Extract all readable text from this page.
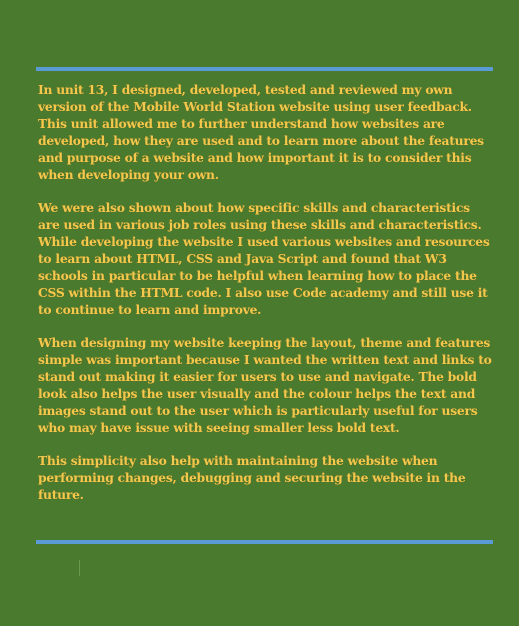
In unit 13, I designed, developed, tested and reviewed my own version of the Mobile World Station website using user feedback. This unit allowed me to further understand how websites are developed, how they are used and to learn more about the features and purpose of a website and how important it is to consider this when developing your own.

We were also shown about how specific skills and characteristics are used in various job roles using these skills and characteristics. While developing the website I used various websites and resources to learn about HTML, CSS and Java Script and found that W3 schools in particular to be helpful when learning how to place the CSS within the HTML code. I also use Code academy and still use it to continue to learn and improve.

When designing my website keeping the layout, theme and features simple was important because I wanted the written text and links to stand out making it easier for users to use and navigate. The bold look also helps the user visually and the colour helps the text and images stand out to the user which is particularly useful for users who may have issue with seeing smaller less bold text.

This simplicity also help with maintaining the website when performing changes, debugging and securing the website in the future.
